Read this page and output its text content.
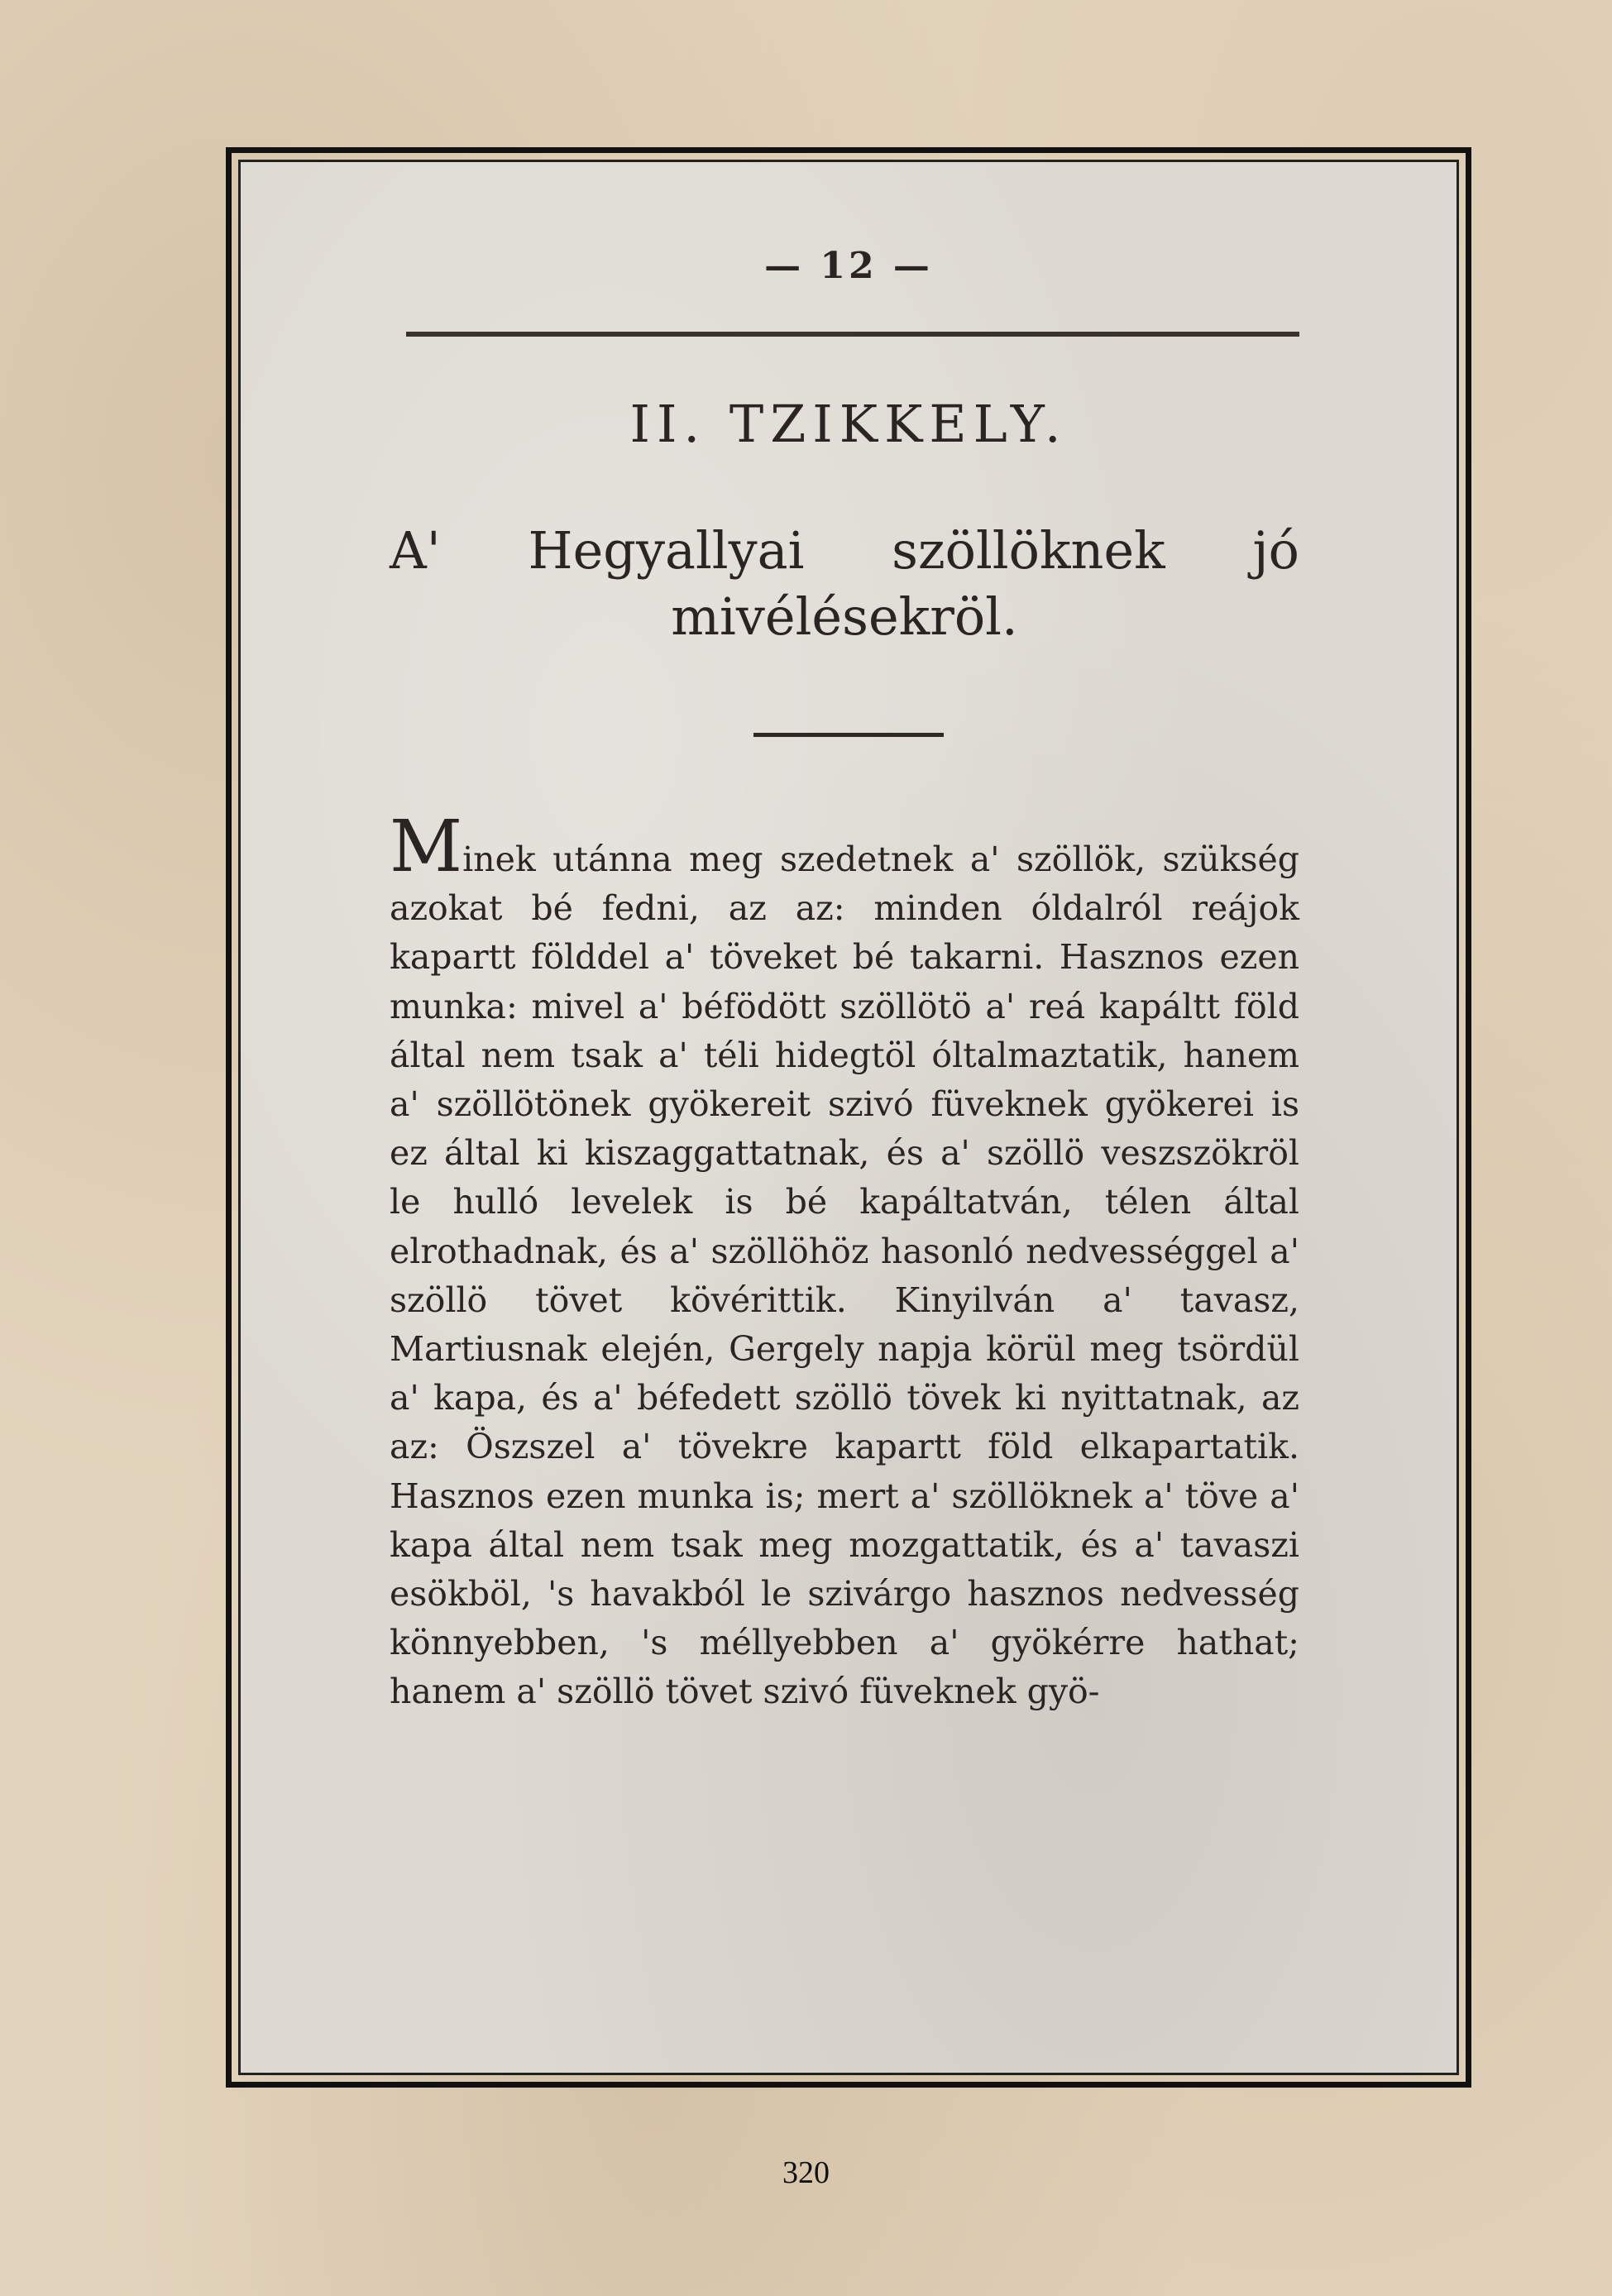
— 12 —
II. TZIKKELY.
A' Hegyallyai szöllöknek jó mivélésekröl.
Minek utánna meg szedetnek a' szöllök, szükség azokat bé fedni, az az: minden óldalról reájok kapartt földdel a' töveket bé takarni. Hasznos ezen munka: mivel a' béfödött szöllötö a' reá kapáltt föld által nem tsak a' téli hidegtöl óltalmaztatik, hanem a' szöllötönek gyökereit szivó füveknek gyökerei is ez által ki kiszaggattatnak, és a' szöllö veszszökröl le hulló levelek is bé kapáltatván, télen által elrothadnak, és a' szöllöhöz hasonló nedvességgel a' szöllö tövet kövérittik. Kinyilván a' tavasz, Martiusnak elején, Gergely napja körül meg tsördül a' kapa, és a' béfedett szöllö tövek ki nyittatnak, az az: Öszszel a' tövekre kapartt föld elkapartatik. Hasznos ezen munka is; mert a' szöllöknek a' töve a' kapa által nem tsak meg mozgattatik, és a' tavaszi esökböl, 's havakból le szivárgo hasznos nedvesség könnyebben, 's méllyebben a' gyökérre hathat; hanem a' szöllö tövet szivó füveknek gyö-
320
